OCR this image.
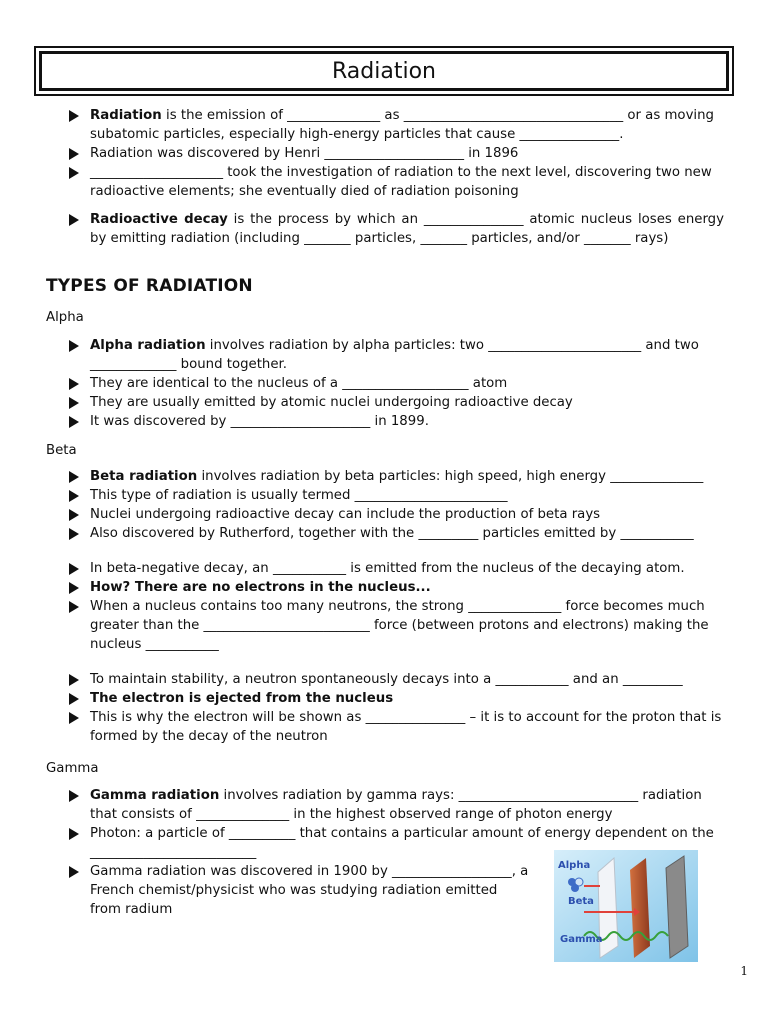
Radiation
Radiation is the emission of ______________ as _________________________________ or as moving subatomic particles, especially high-energy particles that cause _______________.
Radiation was discovered by Henri _____________________ in 1896
____________________ took the investigation of radiation to the next level, discovering two new radioactive elements; she eventually died of radiation poisoning
Radioactive decay is the process by which an _______________ atomic nucleus loses energy by emitting radiation (including _______ particles, _______ particles, and/or _______ rays)
TYPES OF RADIATION
Alpha
Alpha radiation involves radiation by alpha particles: two _______________________ and two _____________ bound together.
They are identical to the nucleus of a ___________________ atom
They are usually emitted by atomic nuclei undergoing radioactive decay
It was discovered by _____________________ in 1899.
Beta
Beta radiation involves radiation by beta particles: high speed, high energy ______________
This type of radiation is usually termed _______________________
Nuclei undergoing radioactive decay can include the production of beta rays
Also discovered by Rutherford, together with the _________ particles emitted by ___________
In beta-negative decay, an ___________ is emitted from the nucleus of the decaying atom.
How? There are no electrons in the nucleus...
When a nucleus contains too many neutrons, the strong ______________ force becomes much greater than the _________________________ force (between protons and electrons) making the nucleus ___________
To maintain stability, a neutron spontaneously decays into a ___________ and an _________
The electron is ejected from the nucleus
This is why the electron will be shown as _______________ – it is to account for the proton that is formed by the decay of the neutron
Gamma
Gamma radiation involves radiation by gamma rays: ___________________________ radiation that consists of ______________ in the highest observed range of photon energy
Photon: a particle of __________ that contains a particular amount of energy dependent on the _________________________
Gamma radiation was discovered in 1900 by __________________, a French chemist/physicist who was studying radiation emitted from radium
Alpha
Beta
Gamma
1
